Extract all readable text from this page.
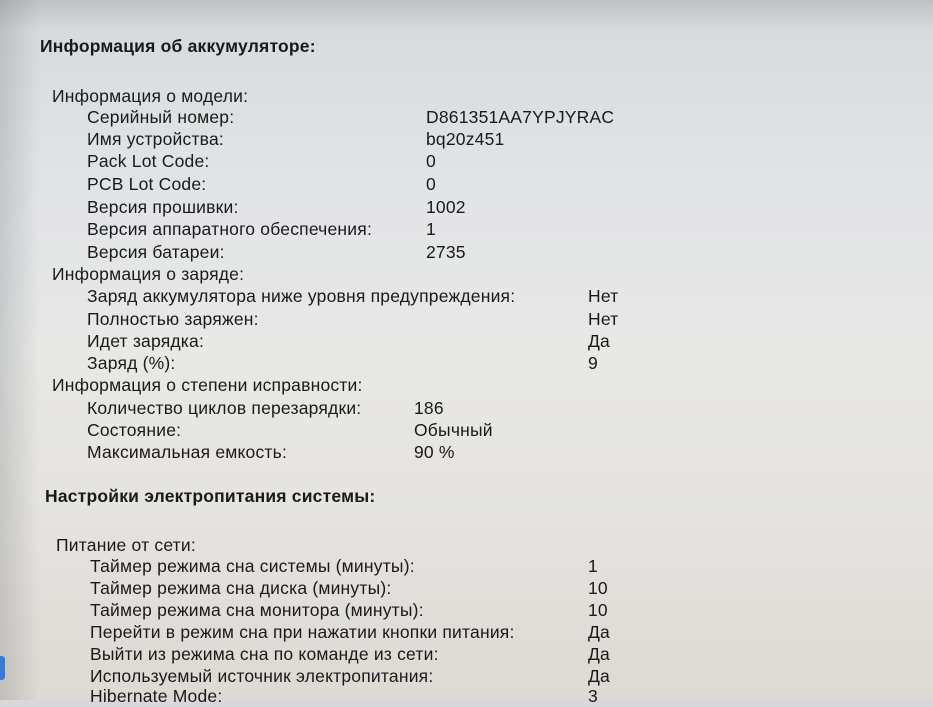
Информация об аккумуляторе:
Информация о модели:
Серийный номер:	D861351AA7YPJYRAC
Имя устройства:	bq20z451
Pack Lot Code:	0
PCB Lot Code:	0
Версия прошивки:	1002
Версия аппаратного обеспечения:	1
Версия батареи:	2735
Информация о заряде:
Заряд аккумулятора ниже уровня предупреждения:	Нет
Полностью заряжен:	Нет
Идет зарядка:	Да
Заряд (%):	9
Информация о степени исправности:
Количество циклов перезарядки:	186
Состояние:	Обычный
Максимальная емкость:	90 %
Настройки электропитания системы:
Питание от сети:
Таймер режима сна системы (минуты):	1
Таймер режима сна диска (минуты):	10
Таймер режима сна монитора (минуты):	10
Перейти в режим сна при нажатии кнопки питания:	Да
Выйти из режима сна по команде из сети:	Да
Используемый источник электропитания:	Да
Hibernate Mode:	3
